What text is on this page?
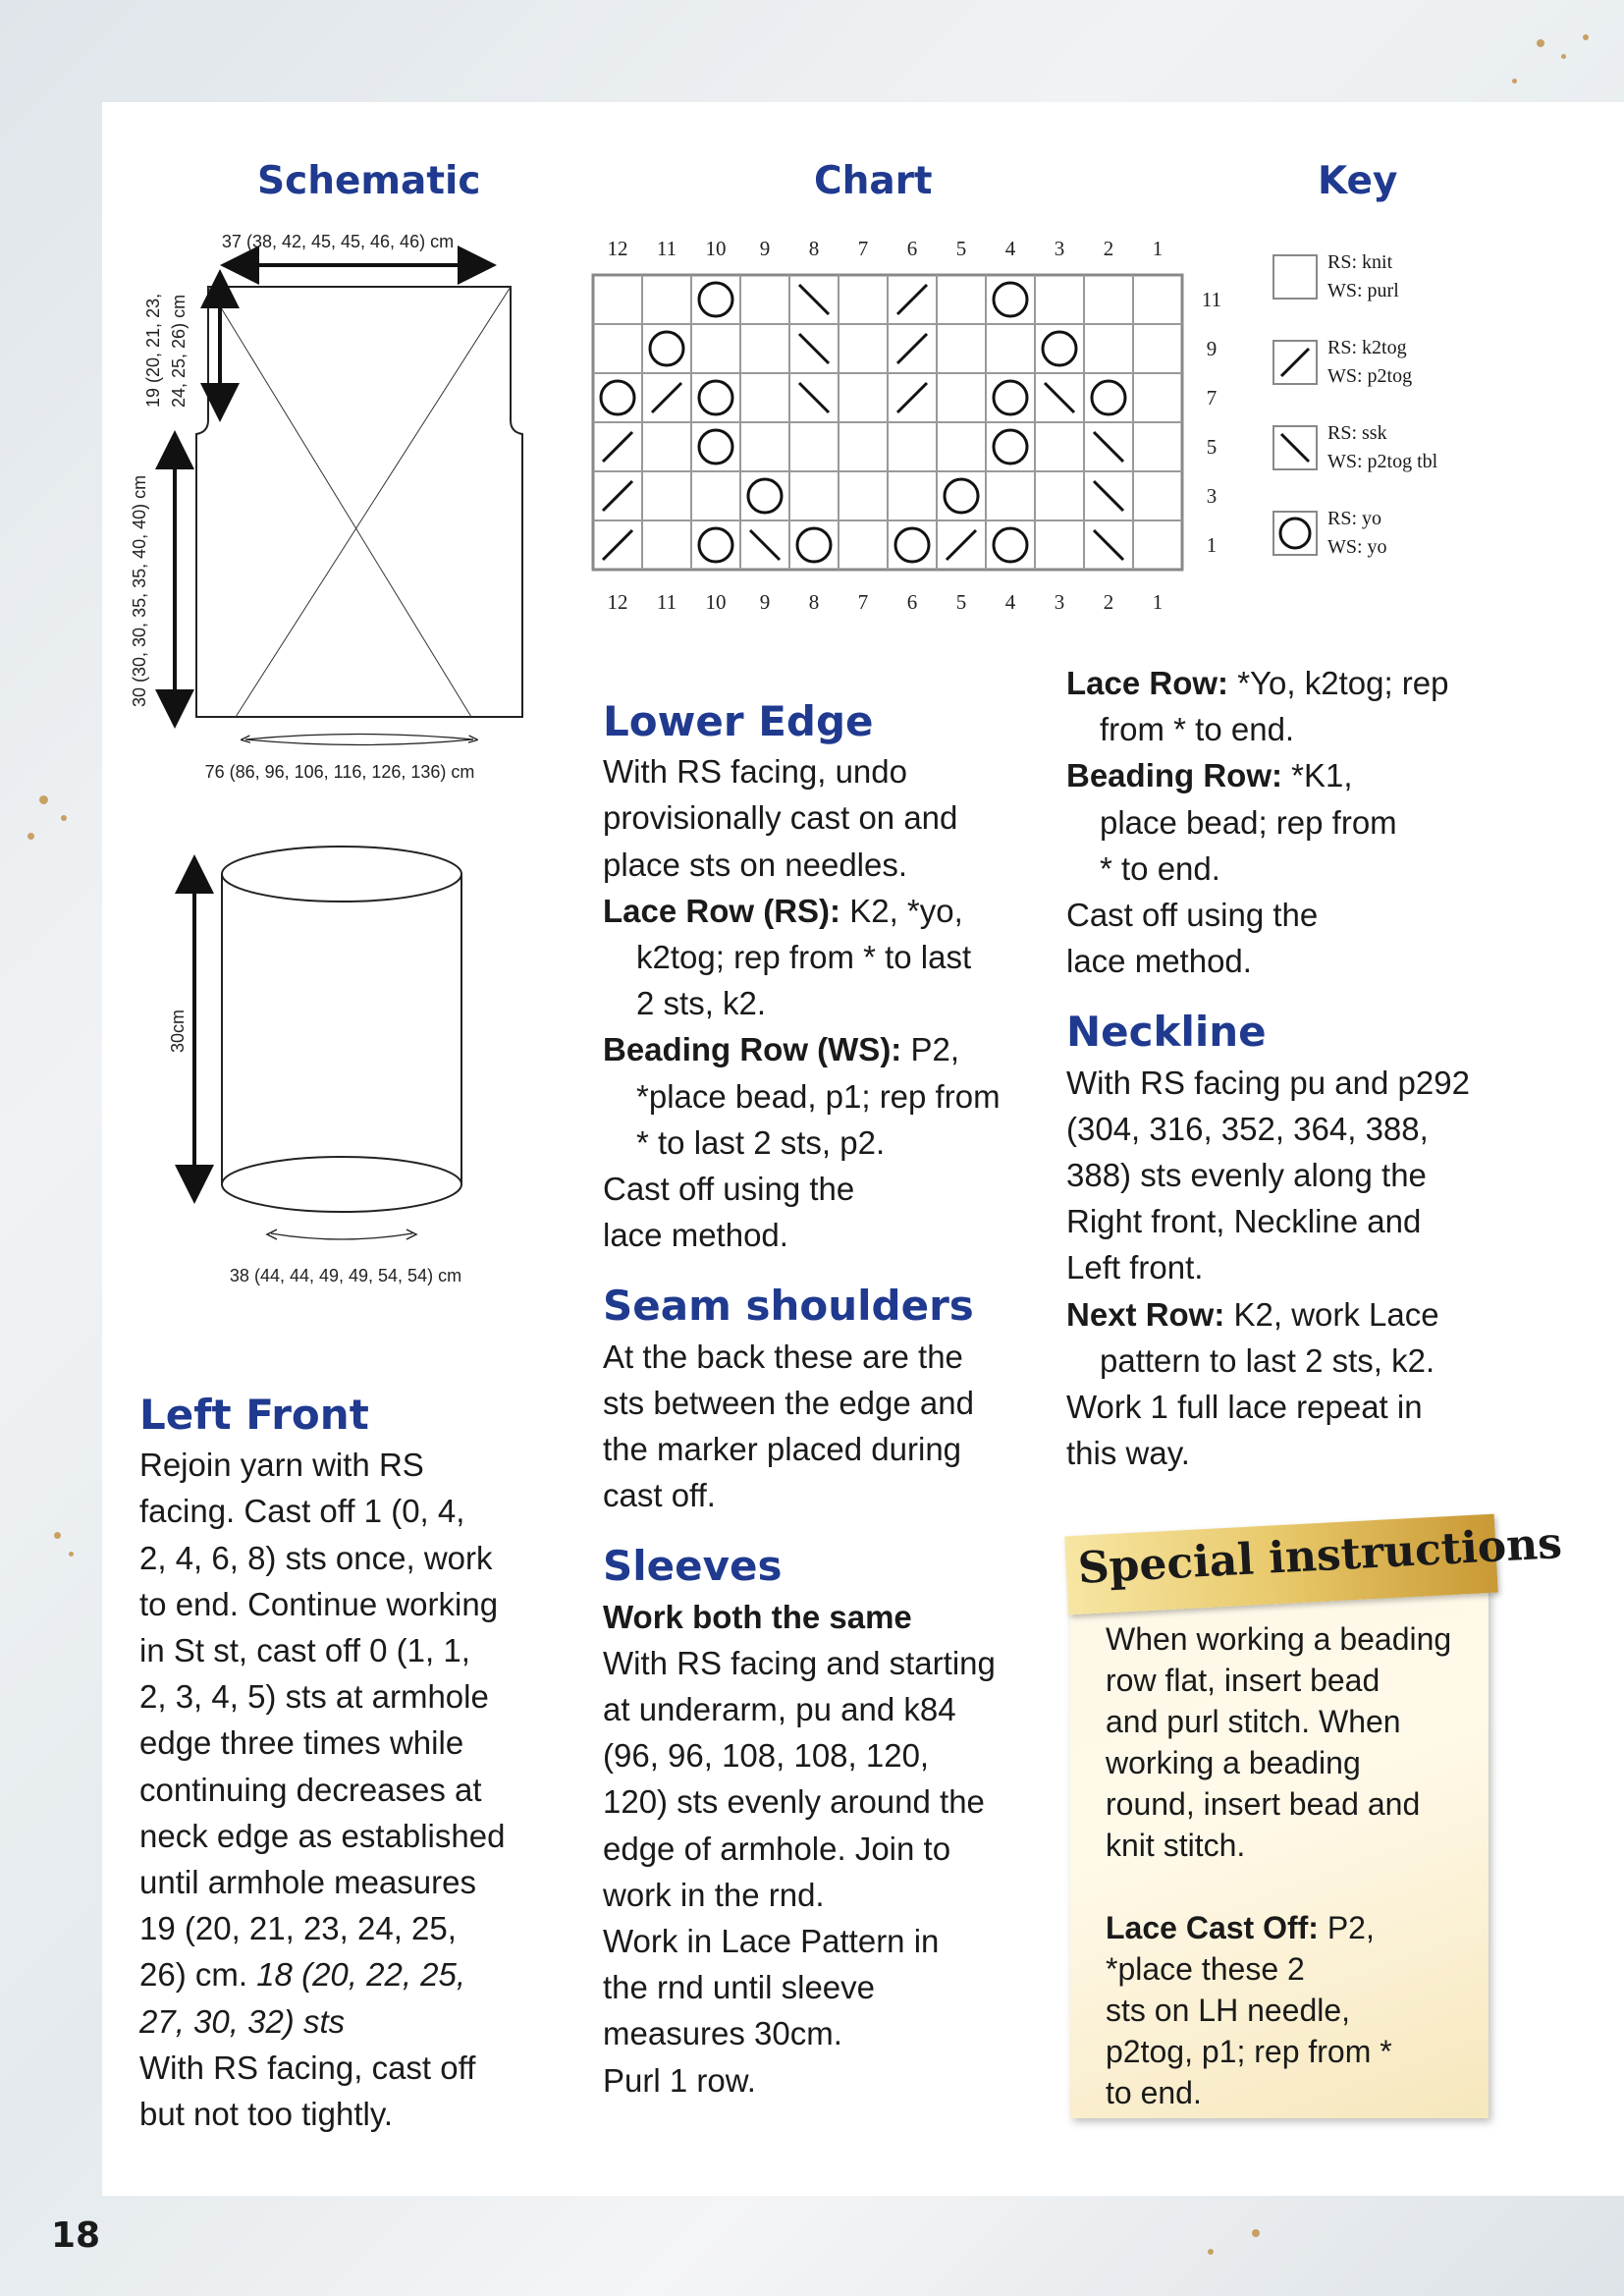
Schematic	Chart	Key
37 (38, 42, 45, 45, 46, 46) cm
19 (20, 21, 23, 24, 25, 26) cm
30 (30, 30, 35, 35, 40, 40) cm
76 (86, 96, 106, 116, 126, 136) cm
30cm
38 (44, 44, 49, 49, 54, 54) cm
12
12
11
11
10
10
9
9
8
8
7
7
6
6
5
5
4
4
3
3
2
2
1
1
11
9
7
5
3
1
RS: knit
WS: purl
RS: k2tog
WS: p2tog
RS: ssk
WS: p2tog tbl
RS: yo
WS: yo
Left Front

Rejoin yarn with RS

facing. Cast off 1 (0, 4,

2, 4, 6, 8) sts once, work

to end. Continue working

in St st, cast off 0 (1, 1,

2, 3, 4, 5) sts at armhole

edge three times while

continuing decreases at

neck edge as established

until armhole measures

19 (20, 21, 23, 24, 25,

26) cm. 18 (20, 22, 25,

27, 30, 32) sts

With RS facing, cast off

but not too tightly.

Lower Edge

With RS facing, undo

provisionally cast on and

place sts on needles.

Lace Row (RS): K2, *yo,

k2tog; rep from * to last

2 sts, k2.

Beading Row (WS): P2,

*place bead, p1; rep from

* to last 2 sts, p2.

Cast off using the

lace method.

Seam shoulders

At the back these are the

sts between the edge and

the marker placed during

cast off.

Sleeves

Work both the same

With RS facing and starting

at underarm, pu and k84

(96, 96, 108, 108, 120,

120) sts evenly around the

edge of armhole. Join to

work in the rnd.

Work in Lace Pattern in

the rnd until sleeve

measures 30cm.

Purl 1 row.

Lace Row: *Yo, k2tog; rep

from * to end.

Beading Row: *K1,

place bead; rep from

* to end.

Cast off using the

lace method.

Neckline

With RS facing pu and p292

(304, 316, 352, 364, 388,

388) sts evenly along the

Right front, Neckline and

Left front.

Next Row: K2, work Lace

pattern to last 2 sts, k2.

Work 1 full lace repeat in

this way.

Special instructions

When working a beading

row flat, insert bead

and purl stitch. When

working a beading

round, insert bead and

knit stitch.

Lace Cast Off: P2,

*place these 2

sts on LH needle,

p2tog, p1; rep from *

to end.

18
